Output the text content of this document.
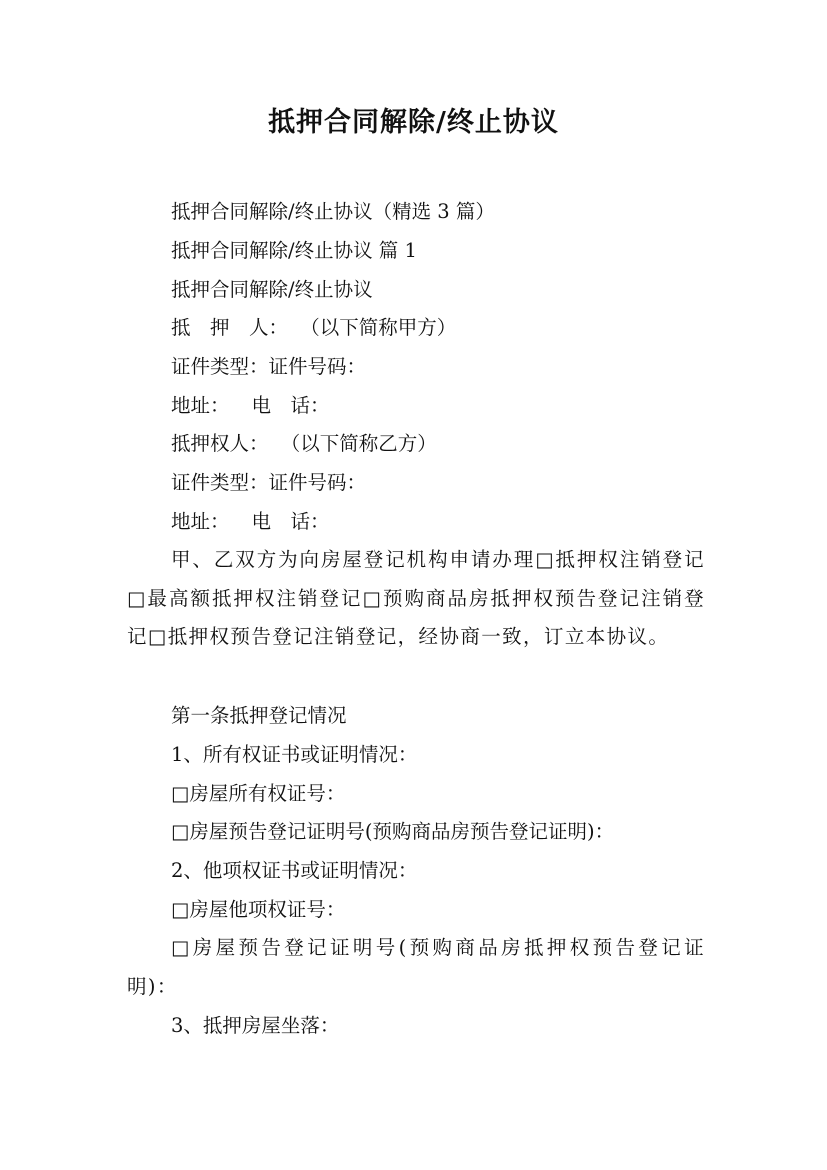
抵押合同解除/终止协议
抵押合同解除/终止协议（精选 3 篇）
抵押合同解除/终止协议 篇 1
抵押合同解除/终止协议
抵　押　人： （以下简称甲方）
证件类型：证件号码：
地址： 电　话：
抵押权人： （以下简称乙方）
证件类型：证件号码：
地址： 电　话：
甲、乙双方为向房屋登记机构申请办理□抵押权注销登记□最高额抵押权注销登记□预购商品房抵押权预告登记注销登记□抵押权预告登记注销登记，经协商一致，订立本协议。
第一条抵押登记情况
1、所有权证书或证明情况：
□房屋所有权证号：
□房屋预告登记证明号(预购商品房预告登记证明)：
2、他项权证书或证明情况：
□房屋他项权证号：
□房屋预告登记证明号(预购商品房抵押权预告登记证明)：
3、抵押房屋坐落：
